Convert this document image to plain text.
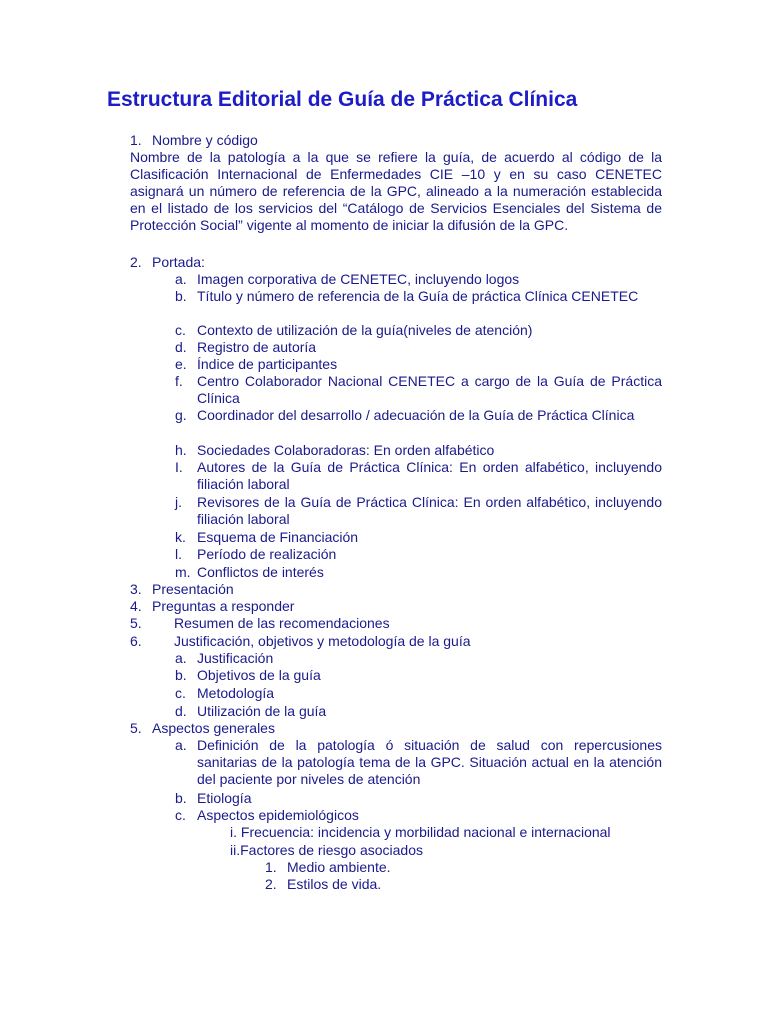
Estructura Editorial de Guía de Práctica Clínica
1. Nombre y código
Nombre de la patología a la que se refiere la guía, de acuerdo al código de la Clasificación Internacional de Enfermedades CIE –10 y en su caso CENETEC asignará un número de referencia de la GPC, alineado a la numeración establecida en el listado de los servicios del “Catálogo de Servicios Esenciales del Sistema de Protección Social” vigente al momento de iniciar la difusión de la GPC.
2. Portada:
a. Imagen corporativa de CENETEC, incluyendo logos
b. Título y número de referencia de la Guía de práctica Clínica CENETEC
c. Contexto de utilización de la guía(niveles de atención)
d. Registro de autoría
e. Índice de participantes
f. Centro Colaborador Nacional CENETEC a cargo de la Guía de Práctica Clínica
g. Coordinador del desarrollo / adecuación de la Guía de Práctica Clínica
h. Sociedades Colaboradoras: En orden alfabético
I. Autores de la Guía de Práctica Clínica: En orden alfabético, incluyendo filiación laboral
j. Revisores de la Guía de Práctica Clínica: En orden alfabético, incluyendo filiación laboral
k. Esquema de Financiación
l. Período de realización
m. Conflictos de interés
3. Presentación
4. Preguntas a responder
5. Resumen de las recomendaciones
6. Justificación, objetivos y metodología de la guía
a. Justificación
b. Objetivos de la guía
c. Metodología
d. Utilización de la guía
5. Aspectos generales
a. Definición de la patología ó situación de salud con repercusiones sanitarias de la patología tema de la GPC. Situación actual en la atención del paciente por niveles de atención
b. Etiología
c. Aspectos epidemiológicos
i. Frecuencia: incidencia y morbilidad nacional e internacional
ii.Factores de riesgo asociados
1. Medio ambiente.
2. Estilos de vida.
